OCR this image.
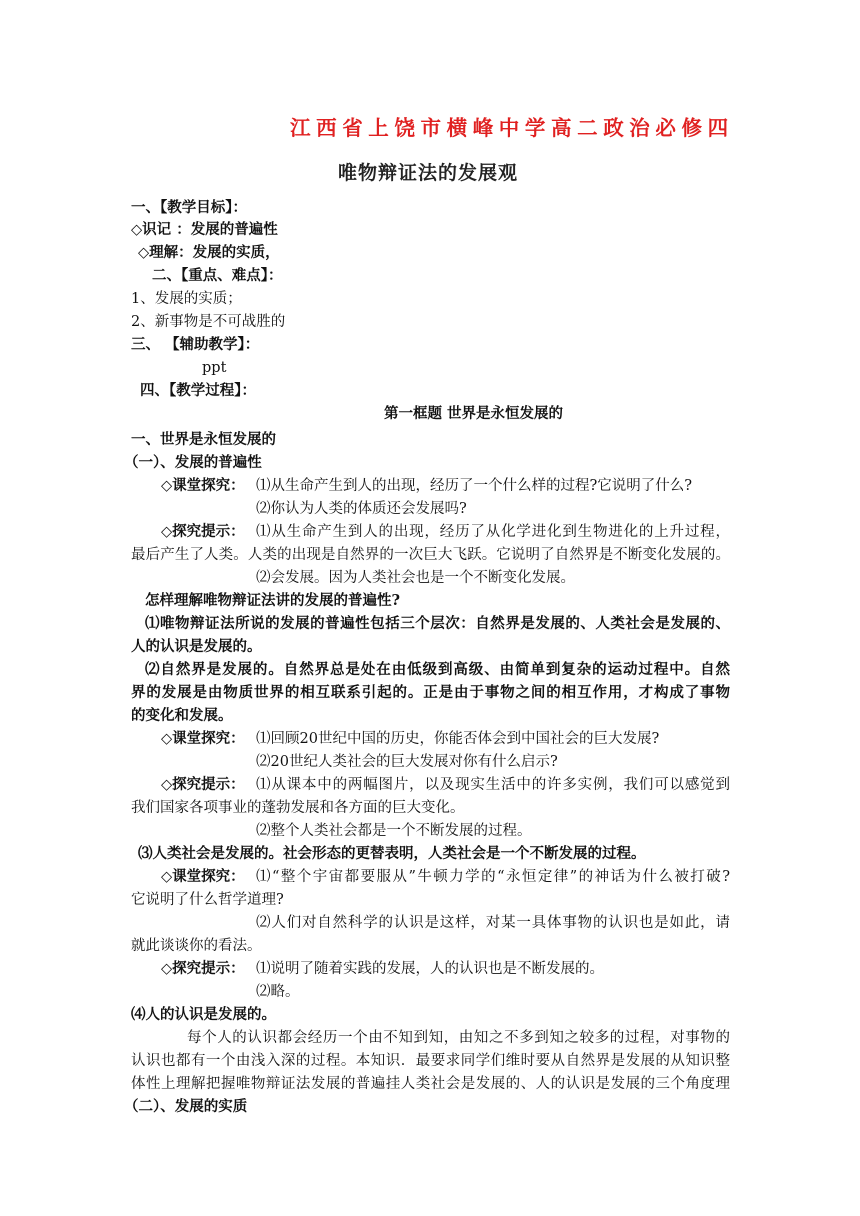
江西省上饶市横峰中学高二政治必修四
唯物辩证法的发展观
一、【教学目标】：
◇识记 ：发展的普遍性
◇理解：发展的实质，
二、【重点、难点】：
1、发展的实质；
2、新事物是不可战胜的
三、 【辅助教学】：
ppt
四、【教学过程】：
第一框题 世界是永恒发展的
一、世界是永恒发展的
（一）、发展的普遍性
◇课堂探究： ⑴从生命产生到人的出现，经历了一个什么样的过程?它说明了什么?
⑵你认为人类的体质还会发展吗?
◇探究提示： ⑴从生命产生到人的出现，经历了从化学进化到生物进化的上升过程，
最后产生了人类。人类的出现是自然界的一次巨大飞跃。它说明了自然界是不断变化发展的。
⑵会发展。因为人类社会也是一个不断变化发展。
怎样理解唯物辩证法讲的发展的普遍性?
⑴唯物辩证法所说的发展的普遍性包括三个层次：自然界是发展的、人类社会是发展的、
人的认识是发展的。
⑵自然界是发展的。自然界总是处在由低级到高级、由简单到复杂的运动过程中。自然
界的发展是由物质世界的相互联系引起的。正是由于事物之间的相互作用，才构成了事物
的变化和发展。
◇课堂探究： ⑴回顾20世纪中国的历史，你能否体会到中国社会的巨大发展?
⑵20世纪人类社会的巨大发展对你有什么启示?
◇探究提示： ⑴从课本中的两幅图片，以及现实生活中的许多实例，我们可以感觉到
我们国家各项事业的蓬勃发展和各方面的巨大变化。
⑵整个人类社会都是一个不断发展的过程。
⑶人类社会是发展的。社会形态的更替表明，人类社会是一个不断发展的过程。
◇课堂探究： ⑴“整个宇宙都要服从”牛顿力学的“永恒定律”的神话为什么被打破?
它说明了什么哲学道理?
⑵人们对自然科学的认识是这样，对某一具体事物的认识也是如此，请
就此谈谈你的看法。
◇探究提示： ⑴说明了随着实践的发展，人的认识也是不断发展的。
⑵略。
⑷人的认识是发展的。
每个人的认识都会经历一个由不知到知，由知之不多到知之较多的过程，对事物的
认识也都有一个由浅入深的过程。本知识．最要求同学们维时要从自然界是发展的从知识整
体性上理解把握唯物辩证法发展的普遍挂人类社会是发展的、人的认识是发展的三个角度理
（二）、发展的实质
